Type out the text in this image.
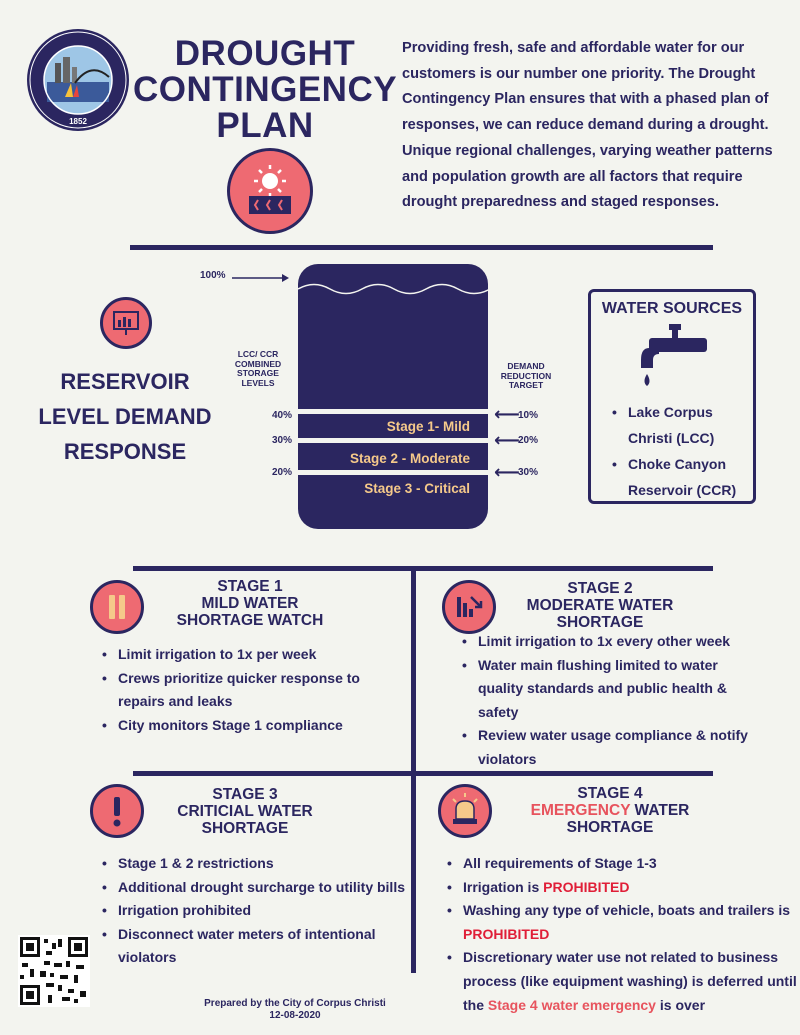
1852
DROUGHT
CONTINGENCY
PLAN
Providing fresh, safe and affordable water for our customers is our number one priority. The Drought Contingency Plan ensures that with a phased plan of responses, we can reduce demand during a drought. Unique regional challenges, varying weather patterns and population growth are all factors that require drought preparedness and staged responses.
RESERVOIR
LEVEL DEMAND
RESPONSE
100%
LCC/ CCR
COMBINED
STORAGE
LEVELS
DEMAND
REDUCTION
TARGET
Stage 1- Mild
Stage 2 - Moderate
Stage 3 - Critical
40%
30%
20%
⟵
⟵
⟵
10%
20%
30%
WATER SOURCES
• Lake Corpus
Christi (LCC)
• Choke Canyon
Reservoir (CCR)
STAGE 1
MILD WATER
SHORTAGE WATCH
• Limit irrigation to 1x per week
• Crews prioritize quicker response to
repairs and leaks
• City monitors Stage 1 compliance
STAGE 2
MODERATE WATER
SHORTAGE
• Limit irrigation to 1x every other week
• Water main flushing limited to water
quality standards and public health &
safety
• Review water usage compliance & notify
violators
STAGE 3
CRITICIAL WATER
SHORTAGE
• Stage 1 & 2 restrictions
• Additional drought surcharge to utility bills
• Irrigation prohibited
• Disconnect water meters of intentional
violators
STAGE 4
EMERGENCY WATER
SHORTAGE
• All requirements of Stage 1-3
• Irrigation is PROHIBITED
• Washing any type of vehicle, boats and trailers is
PROHIBITED
• Discretionary water use not related to business
process (like equipment washing) is deferred until
the Stage 4 water emergency is over
Prepared by the City of Corpus Christi
12-08-2020
